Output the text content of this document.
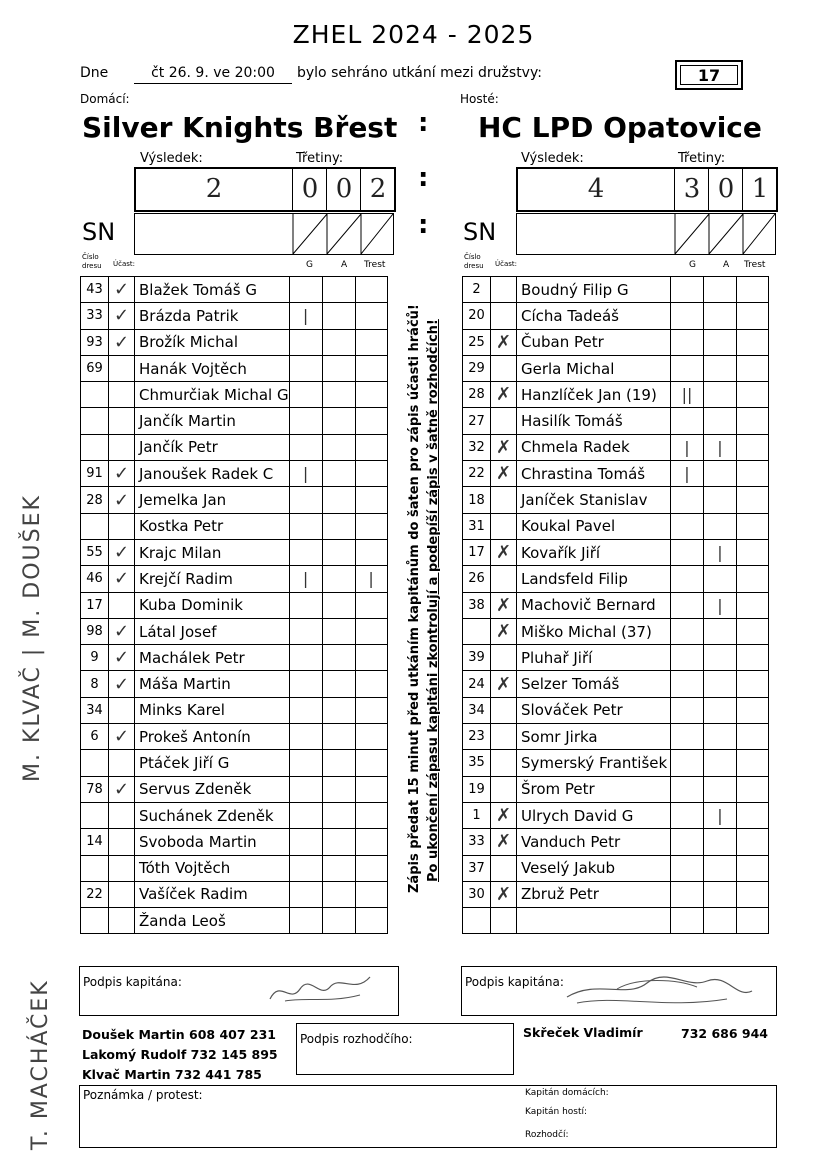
ZHEL 2024 - 2025
Dne	čt 26. 9. ve 20:00	bylo sehráno utkání mezi družstvy:	17
Domácí:	Hosté:
Silver Knights Břest : HC LPD Opatovice
Výsledek:	Třetiny:	Výsledek:	Třetiny:
2	0 0 2	:	4	3 0 1
SN	: SN
Číslo dresu	Účast:	G	A Trest
Číslo dresu	Účast:	G	A Trest
43	✓	Blažek Tomáš G			
33	✓	Brázda Patrik	|		
93	✓	Brožík Michal			
69		Hanák Vojtěch			
		Chmurčiak Michal G			
		Jančík Martin			
		Jančík Petr			
91	✓	Janoušek Radek C	|		
28	✓	Jemelka Jan			
		Kostka Petr			
55	✓	Krajc Milan			
46	✓	Krejčí Radim	|		|
17		Kuba Dominik			
98	✓	Látal Josef			
9	✓	Machálek Petr			
8	✓	Máša Martin			
34		Minks Karel			
6	✓	Prokeš Antonín			
		Ptáček Jiří G			
78	✓	Servus Zdeněk			
		Suchánek Zdeněk			
14		Svoboda Martin			
		Tóth Vojtěch			
22		Vašíček Radim			
		Žanda Leoš			
2		Boudný Filip G			
20		Cícha Tadeáš			
25	✗	Čuban Petr			
29		Gerla Michal			
28	✗	Hanzlíček Jan (19)	||		
27		Hasilík Tomáš			
32	✗	Chmela Radek	|	|	
22	✗	Chrastina Tomáš	|		
18		Janíček Stanislav			
31		Koukal Pavel			
17	✗	Kovařík Jiří		|	
26		Landsfeld Filip			
38	✗	Machovič Bernard		|	
	✗	Miško Michal (37)			
39		Pluhař Jiří			
24	✗	Selzer Tomáš			
34		Slováček Petr			
23		Somr Jirka			
35		Symerský František			
19		Šrom Petr			
1	✗	Ulrych David G		|	
33	✗	Vanduch Petr			
37		Veselý Jakub			
30	✗	Zbruž Petr			

Zápis předat 15 minut před utkáním kapitánům do šaten pro zápis účasti hráčů! Po ukončení zápasu kapitáni zkontrolují a podepíší zápis v šatně rozhodčích!
M. KLVAČ | M. DOUŠEK
T. MACHÁČEK	Podpis kapitána:	Podpis kapitána:
Doušek Martin 608 407 231
Lakomý Rudolf 732 145 895
Klvač Martin 732 441 785
Podpis rozhodčího:	Skřeček Vladimír	732 686 944
Poznámka / protest:	Kapitán domácích:
Kapitán hostí:
Rozhodčí:
